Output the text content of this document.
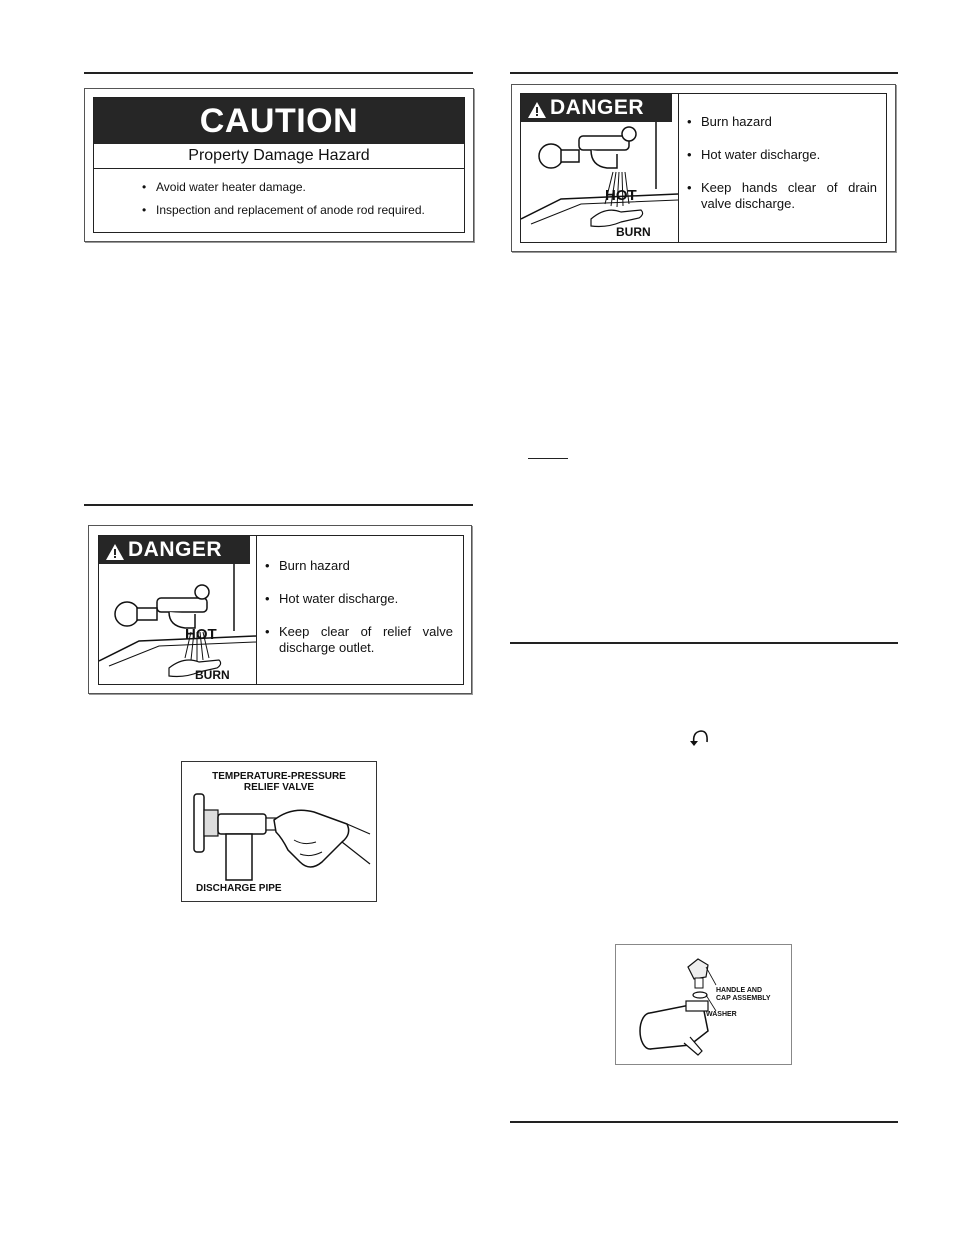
CAUTION
Property Damage Hazard
• Avoid water heater damage.
• Inspection and replacement of anode rod required.
DANGER
HOT
BURN
• Burn hazard
• Hot water discharge.
• Keep hands clear of drain valve discharge.
DANGER
HOT
BURN
• Burn hazard
• Hot water discharge.
• Keep clear of relief valve discharge outlet.
TEMPERATURE-PRESSURE
RELIEF VALVE
DISCHARGE PIPE
HANDLE AND
CAP ASSEMBLY
WASHER
